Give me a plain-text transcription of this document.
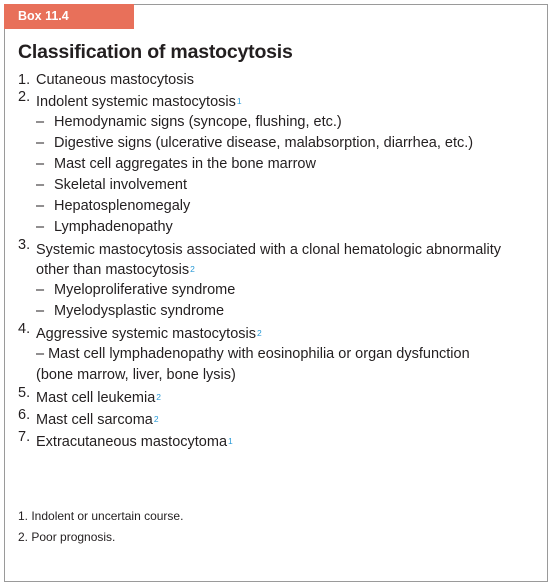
Box 11.4
Classification of mastocytosis
1. Cutaneous mastocytosis
2. Indolent systemic mastocytosis$^1$
– Hemodynamic signs (syncope, flushing, etc.)
– Digestive signs (ulcerative disease, malabsorption, diarrhea, etc.)
– Mast cell aggregates in the bone marrow
– Skeletal involvement
– Hepatosplenomegaly
– Lymphadenopathy
3. Systemic mastocytosis associated with a clonal hematologic abnormality
other than mastocytosis$^2$
– Myeloproliferative syndrome
– Myelodysplastic syndrome
4. Aggressive systemic mastocytosis$^2$
– Mast cell lymphadenopathy with eosinophilia or organ dysfunction
(bone marrow, liver, bone lysis)
5. Mast cell leukemia$^2$
6. Mast cell sarcoma$^2$
7. Extracutaneous mastocytoma$^1$
1. Indolent or uncertain course.
2. Poor prognosis.
